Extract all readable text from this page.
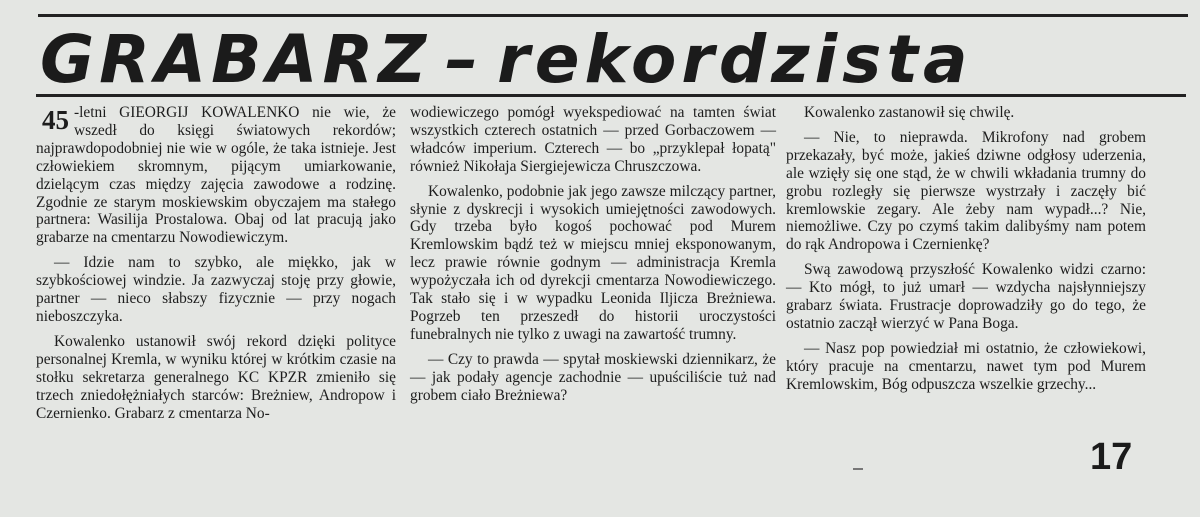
GRABARZ – rekordzista

45 -letni GIEORGIJ KOWALENKO nie wie, że wszedł do księgi światowych rekordów; najprawdopodobniej nie wie w ogóle, że taka istnieje. Jest człowiekiem skromnym, pijącym umiarkowanie, dzielącym czas między zajęcia zawodowe a rodzinę. Zgodnie ze starym moskiewskim obyczajem ma stałego partnera: Wasilija Prostalowa. Obaj od lat pracują jako grabarze na cmentarzu Nowodiewiczym.

— Idzie nam to szybko, ale miękko, jak w szybkościowej windzie. Ja zazwyczaj stoję przy głowie, partner — nieco słabszy fizycznie — przy nogach nieboszczyka.

Kowalenko ustanowił swój rekord dzięki polityce personalnej Kremla, w wyniku której w krótkim czasie na stołku sekretarza generalnego KC KPZR zmieniło się trzech zniedołężniałych starców: Breżniew, Andropow i Czernienko. Grabarz z cmentarza No-

wodiewiczego pomógł wyekspediować na tamten świat wszystkich czterech ostatnich — przed Gorbaczowem — władców imperium. Czterech — bo „przyklepał łopatą" również Nikołaja Siergiejewicza Chruszczowa.

Kowalenko, podobnie jak jego zawsze milczący partner, słynie z dyskrecji i wysokich umiejętności zawodowych. Gdy trzeba było kogoś pochować pod Murem Kremlowskim bądź też w miejscu mniej eksponowanym, lecz prawie równie godnym — administracja Kremla wypożyczała ich od dyrekcji cmentarza Nowodiewiczego. Tak stało się i w wypadku Leonida Iljicza Breżniewa. Pogrzeb ten przeszedł do historii uroczystości funebralnych nie tylko z uwagi na zawartość trumny.

— Czy to prawda — spytał moskiewski dziennikarz, że — jak podały agencje zachodnie — upuściliście tuż nad grobem ciało Breżniewa?

Kowalenko zastanowił się chwilę.

— Nie, to nieprawda. Mikrofony nad grobem przekazały, być może, jakieś dziwne odgłosy uderzenia, ale wzięły się one stąd, że w chwili wkładania trumny do grobu rozległy się pierwsze wystrzały i zaczęły bić kremlowskie zegary. Ale żeby nam wypadł...? Nie, niemożliwe. Czy po czymś takim dalibyśmy nam potem do rąk Andropowa i Czernienkę?

Swą zawodową przyszłość Kowalenko widzi czarno: — Kto mógł, to już umarł — wzdycha najsłynniejszy grabarz świata. Frustracje doprowadziły go do tego, że ostatnio zaczął wierzyć w Pana Boga.

— Nasz pop powiedział mi ostatnio, że człowiekowi, który pracuje na cmentarzu, nawet tym pod Murem Kremlowskim, Bóg odpuszcza wszelkie grzechy...

17
